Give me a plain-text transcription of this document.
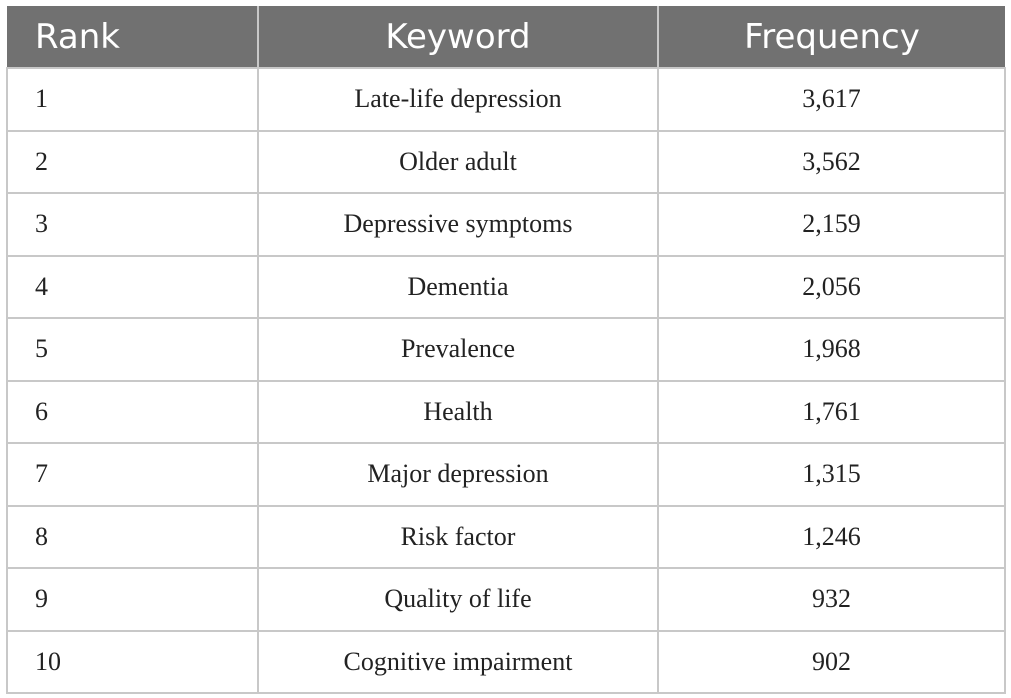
Rank	Keyword	Frequency
1	Late-life depression	3,617
2	Older adult	3,562
3	Depressive symptoms	2,159
4	Dementia	2,056
5	Prevalence	1,968
6	Health	1,761
7	Major depression	1,315
8	Risk factor	1,246
9	Quality of life	932
10	Cognitive impairment	902
